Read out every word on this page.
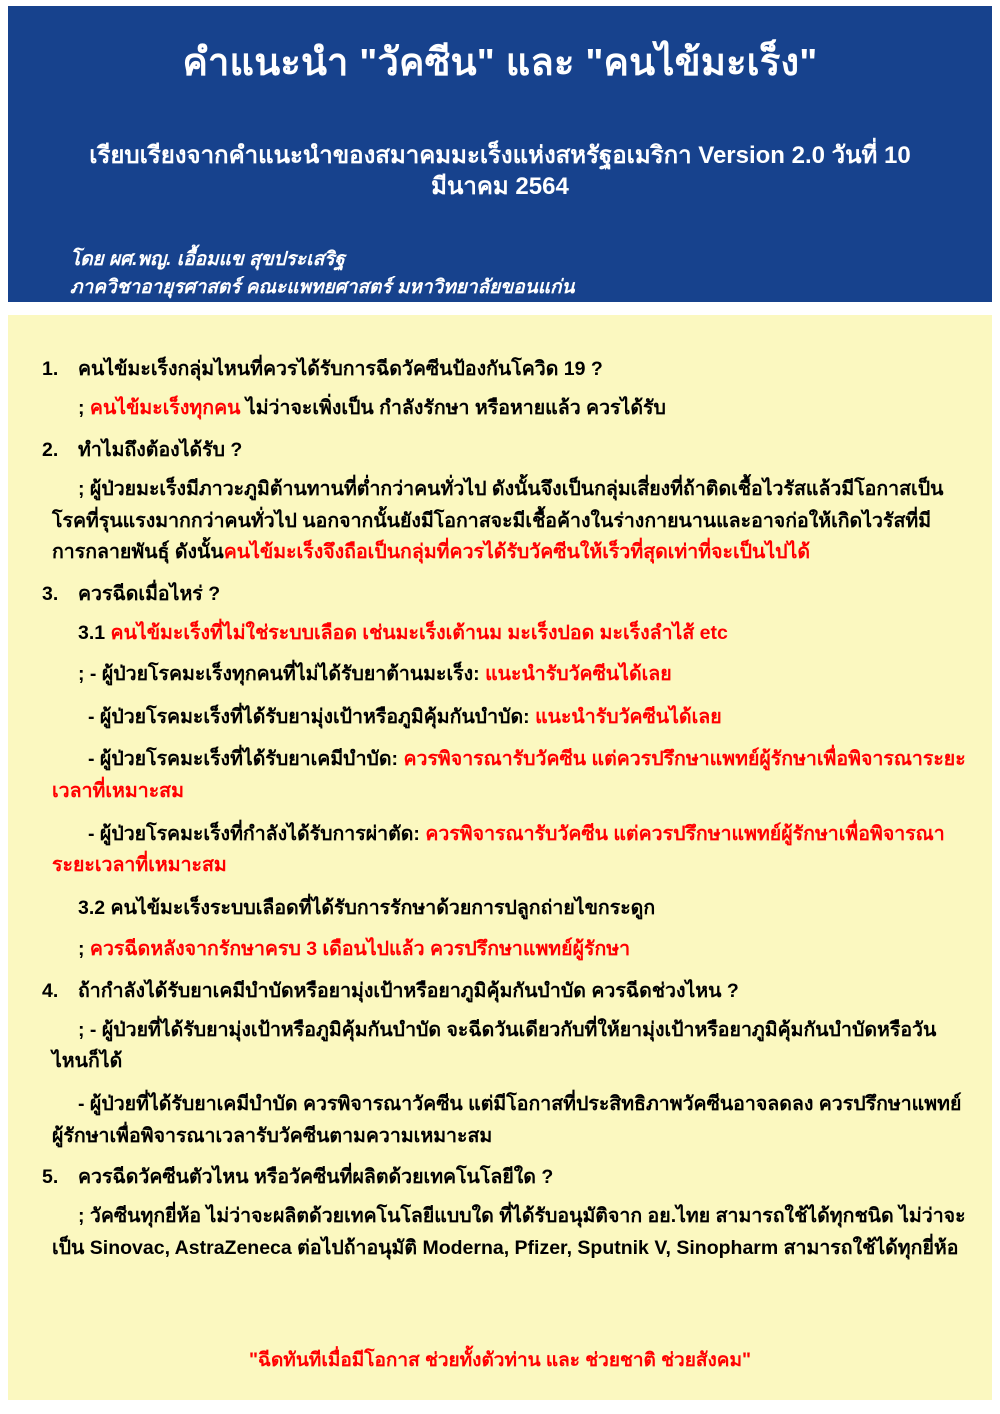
คำแนะนำ "วัคซีน" และ "คนไข้มะเร็ง"

เรียบเรียงจากคำแนะนำของสมาคมมะเร็งแห่งสหรัฐอเมริกา Version 2.0 วันที่ 10 มีนาคม 2564

โดย ผศ.พญ. เอื้อมแข สุขประเสริฐ

ภาควิชาอายุรศาสตร์ คณะแพทยศาสตร์ มหาวิทยาลัยขอนแก่น

1. คนไข้มะเร็งกลุ่มไหนที่ควรได้รับการฉีดวัคซีนป้องกันโควิด 19 ?

; คนไข้มะเร็งทุกคน ไม่ว่าจะเพิ่งเป็น กำลังรักษา หรือหายแล้ว ควรได้รับ

2. ทำไมถึงต้องได้รับ ?

; ผู้ป่วยมะเร็งมีภาวะภูมิต้านทานที่ต่ำกว่าคนทั่วไป ดังนั้นจึงเป็นกลุ่มเสี่ยงที่ถ้าติดเชื้อไวรัสแล้วมีโอกาสเป็นโรคที่รุนแรงมากกว่าคนทั่วไป นอกจากนั้นยังมีโอกาสจะมีเชื้อค้างในร่างกายนานและอาจก่อให้เกิดไวรัสที่มีการกลายพันธุ์ ดังนั้นคนไข้มะเร็งจึงถือเป็นกลุ่มที่ควรได้รับวัคซีนให้เร็วที่สุดเท่าที่จะเป็นไปได้

3. ควรฉีดเมื่อไหร่ ?

3.1 คนไข้มะเร็งที่ไม่ใช่ระบบเลือด เช่นมะเร็งเต้านม มะเร็งปอด มะเร็งลำไส้ etc

; - ผู้ป่วยโรคมะเร็งทุกคนที่ไม่ได้รับยาต้านมะเร็ง: แนะนำรับวัคซีนได้เลย

- ผู้ป่วยโรคมะเร็งที่ได้รับยามุ่งเป้าหรือภูมิคุ้มกันบำบัด: แนะนำรับวัคซีนได้เลย

- ผู้ป่วยโรคมะเร็งที่ได้รับยาเคมีบำบัด: ควรพิจารณารับวัคซีน แต่ควรปรึกษาแพทย์ผู้รักษาเพื่อพิจารณาระยะเวลาที่เหมาะสม

- ผู้ป่วยโรคมะเร็งที่กำลังได้รับการผ่าตัด: ควรพิจารณารับวัคซีน แต่ควรปรึกษาแพทย์ผู้รักษาเพื่อพิจารณาระยะเวลาที่เหมาะสม

3.2 คนไข้มะเร็งระบบเลือดที่ได้รับการรักษาด้วยการปลูกถ่ายไขกระดูก

; ควรฉีดหลังจากรักษาครบ 3 เดือนไปแล้ว ควรปรึกษาแพทย์ผู้รักษา

4. ถ้ากำลังได้รับยาเคมีบำบัดหรือยามุ่งเป้าหรือยาภูมิคุ้มกันบำบัด ควรฉีดช่วงไหน ?

; - ผู้ป่วยที่ได้รับยามุ่งเป้าหรือภูมิคุ้มกันบำบัด จะฉีดวันเดียวกับที่ให้ยามุ่งเป้าหรือยาภูมิคุ้มกันบำบัดหรือวันไหนก็ได้

- ผู้ป่วยที่ได้รับยาเคมีบำบัด ควรพิจารณาวัคซีน แต่มีโอกาสที่ประสิทธิภาพวัคซีนอาจลดลง ควรปรึกษาแพทย์ผู้รักษาเพื่อพิจารณาเวลารับวัคซีนตามความเหมาะสม

5. ควรฉีดวัคซีนตัวไหน หรือวัคซีนที่ผลิตด้วยเทคโนโลยีใด ?

; วัคซีนทุกยี่ห้อ ไม่ว่าจะผลิตด้วยเทคโนโลยีแบบใด ที่ได้รับอนุมัติจาก อย.ไทย สามารถใช้ได้ทุกชนิด ไม่ว่าจะเป็น Sinovac, AstraZeneca ต่อไปถ้าอนุมัติ Moderna, Pfizer, Sputnik V, Sinopharm สามารถใช้ได้ทุกยี่ห้อ

"ฉีดทันทีเมื่อมีโอกาส ช่วยทั้งตัวท่าน และ ช่วยชาติ ช่วยสังคม"
